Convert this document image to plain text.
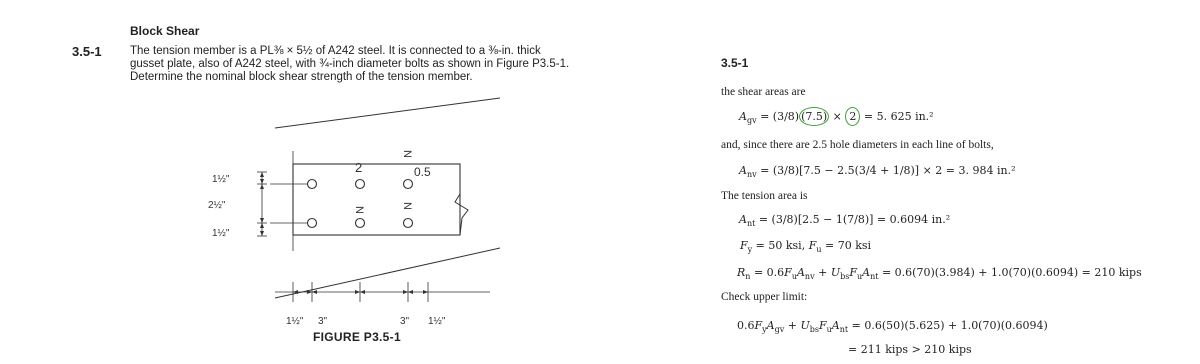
3.5-1
Block Shear
The tension member is a PL⅜ × 5½ of A242 steel. It is connected to a ⅜-in. thick
gusset plate, also of A242 steel, with ¾-inch diameter bolts as shown in Figure P3.5-1.
Determine the nominal block shear strength of the tension member.
2	0.5
N
N
N
1½"
2½"
1½"
1½" 3"	3" 1½"
FIGURE P3.5-1
3.5-1
the shear areas are
$A_{gv} = (3/8) (7.5) \times 2 = 5$. 625 in.²
and, since there are 2.5 hole diameters in each line of bolts,
$A_{nv} = (3/8)[7.5 - 2.5(3/4 + 1/8)] \times 2 = 3$. 984 in.²
The tension area is
$A_{nt} = (3/8)[2.5 - 1(7/8)] = 0.6094$ in.²
$F_y = 50$ ksi, $F_u = 70$ ksi
$R_n = 0.6F_uA_{nv} + U_{bs}F_uA_{nt} = 0.6(70)(3.984) + 1.0(70)(0.6094) = 210$ kips
Check upper limit:
$0.6F_yA_{gv} + U_{bs}F_uA_{nt} = 0.6(50)(5.625) + 1.0(70)(0.6094)$
= 211 kips > 210 kips
